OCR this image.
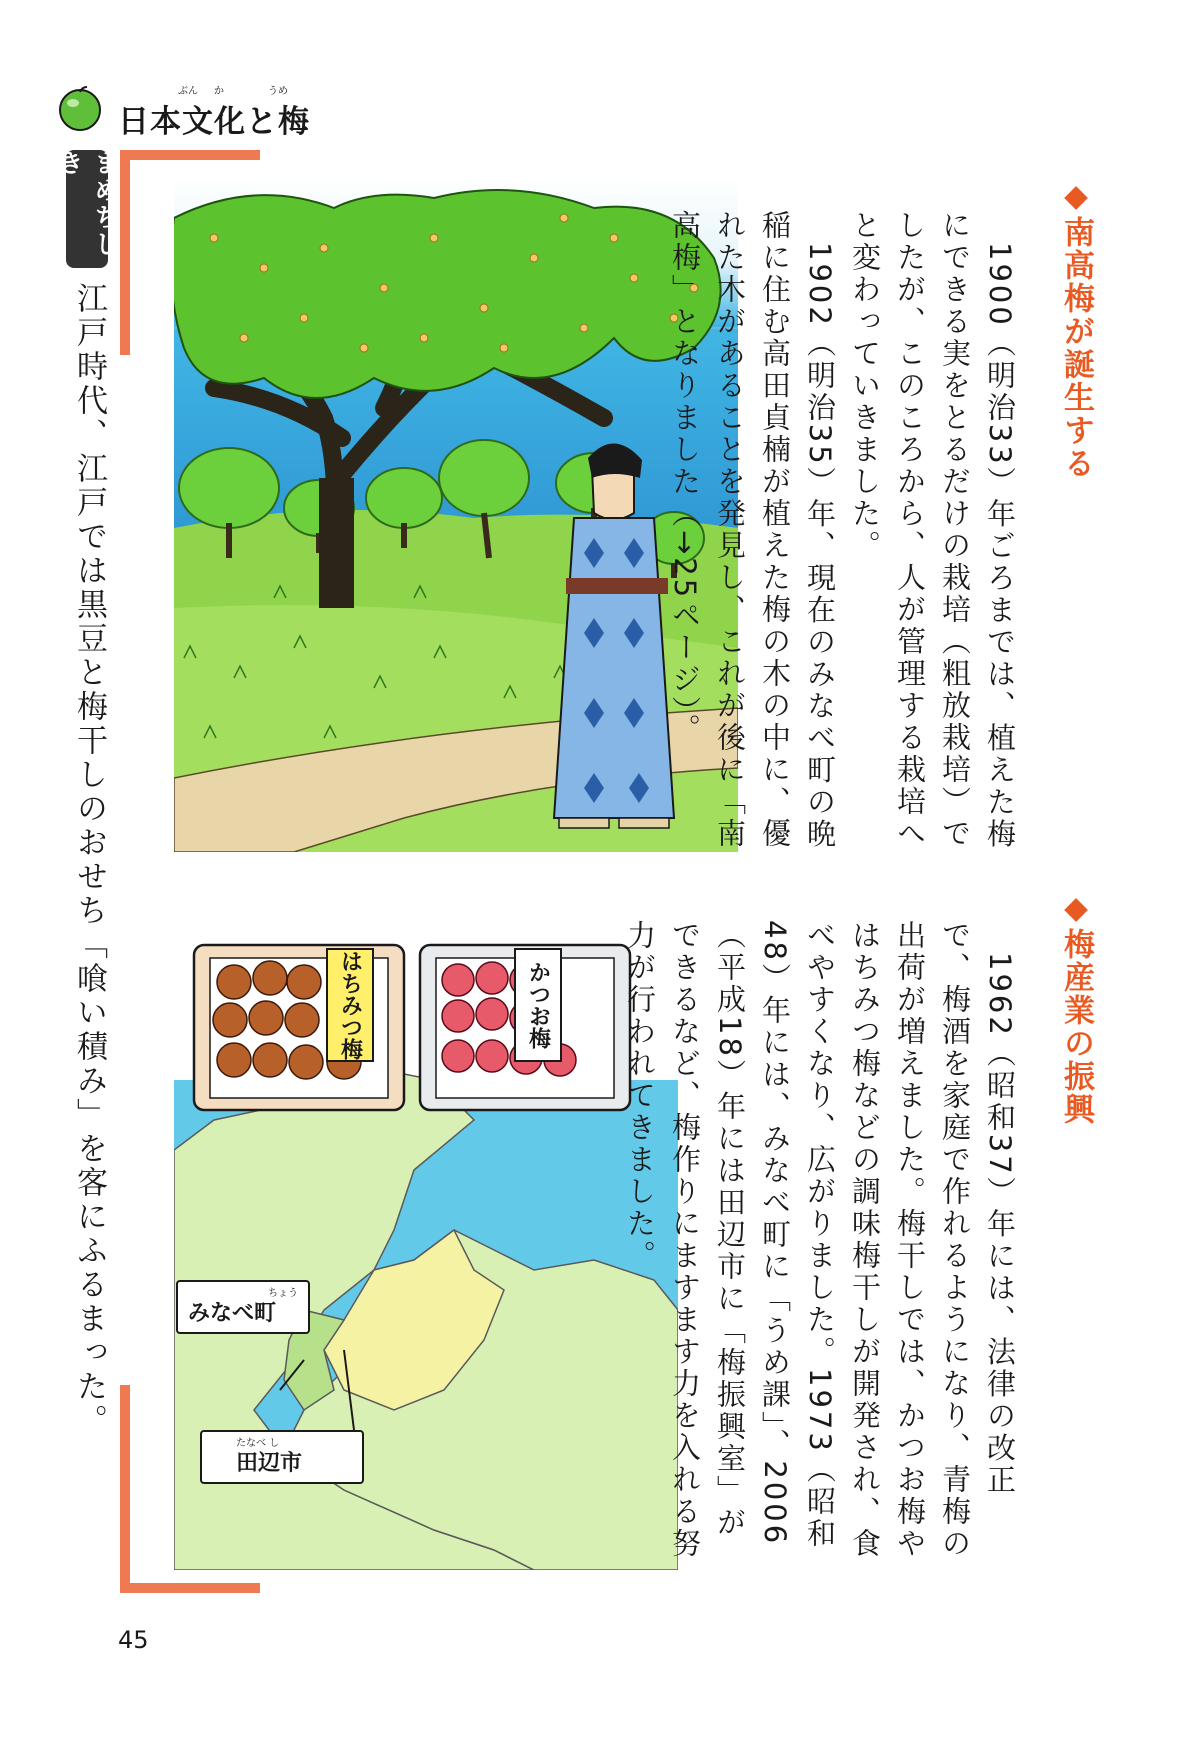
ぶん か	うめ
日本文化と梅
まめちしき
江戸時代、江戸では黒豆と梅干しのおせち「喰い積み」を客にふるまった。	はちみつ梅	かつお梅
ちょう
みなべ町
たなべ し
田辺市
◆南高梅が誕生する

　1900（明治33）年ごろまでは、植えた梅にできる実をとるだけの栽培（粗放栽培）でしたが、このころから、人が管理する栽培へと変わっていきました。

　1902（明治35）年、現在のみなべ町の晩稲に住む高田貞楠が植えた梅の木の中に、優れた木があることを発見し、これが後に「南高梅」となりました（→25ページ）。

◆梅産業の振興

　1962（昭和37）年には、法律の改正で、梅酒を家庭で作れるようになり、青梅の出荷が増えました。梅干しでは、かつお梅やはちみつ梅などの調味梅干しが開発され、食べやすくなり、広がりました。1973（昭和48）年には、みなべ町に「うめ課」、2006（平成18）年には田辺市に「梅振興室」ができるなど、梅作りにますます力を入れる努力が行われてきました。

45
